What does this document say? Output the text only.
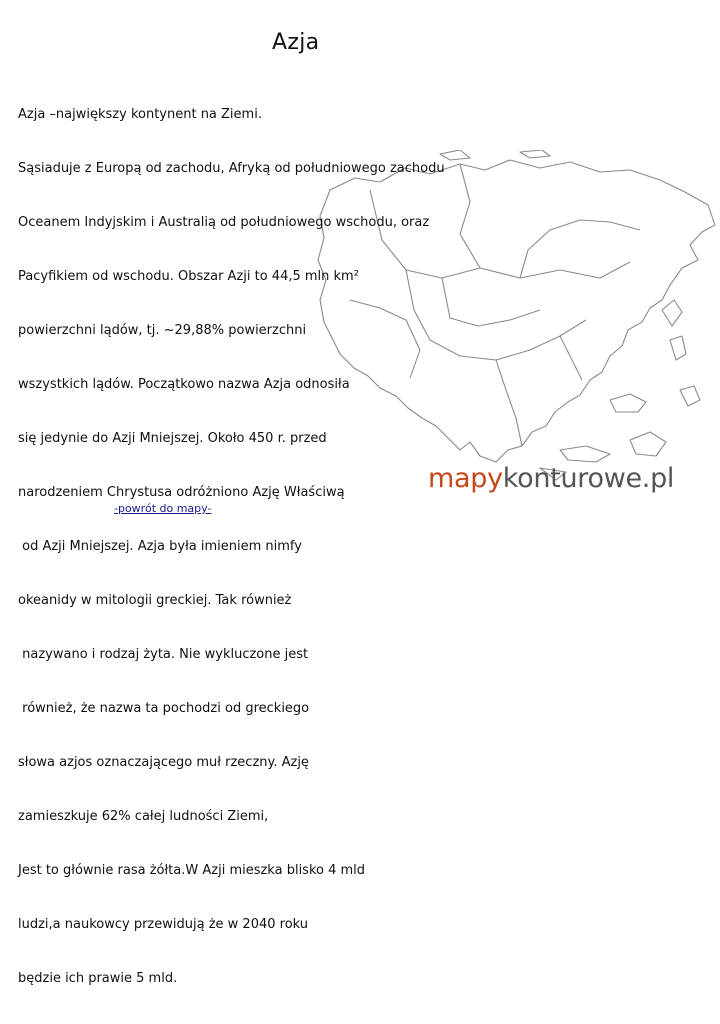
Azja

Azja –największy kontynent na Ziemi.

Sąsiaduje z Europą od zachodu, Afryką od południowego zachodu

Oceanem Indyjskim i Australią od południowego wschodu, oraz

Pacyfikiem od wschodu. Obszar Azji to 44,5 mln km²

powierzchni lądów, tj. ~29,88% powierzchni

wszystkich lądów. Początkowo nazwa Azja odnosiła

się jedynie do Azji Mniejszej. Około 450 r. przed

narodzeniem Chrystusa odróżniono Azję Właściwą

od Azji Mniejszej. Azja była imieniem nimfy

okeanidy w mitologii greckiej. Tak również

nazywano i rodzaj żyta. Nie wykluczone jest

również, że nazwa ta pochodzi od greckiego

słowa azjos oznaczającego muł rzeczny. Azję

zamieszkuje 62% całej ludności Ziemi,

Jest to głównie rasa żółta.W Azji mieszka blisko 4 mld

ludzi,a naukowcy przewidują że w 2040 roku

będzie ich prawie 5 mld.

mapykonturowe.pl
-powrót do mapy-
